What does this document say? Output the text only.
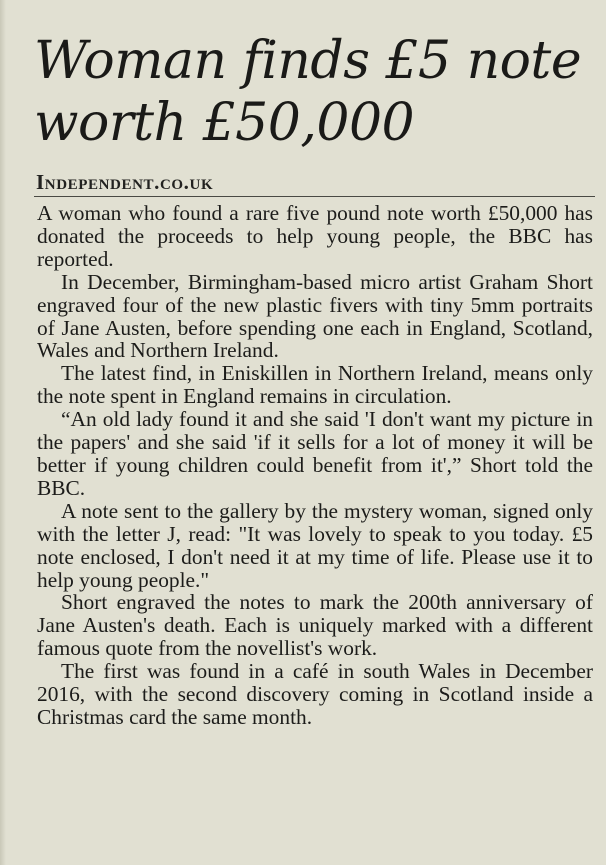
Woman finds £5 note worth £50,000
Independent.co.uk

A woman who found a rare five pound note worth £50,000 has donated the proceeds to help young people, the BBC has reported.

In December, Birmingham-based micro artist Graham Short engraved four of the new plastic fivers with tiny 5mm portraits of Jane Austen, before spending one each in England, Scotland, Wales and Northern Ireland.

The latest find, in Eniskillen in Northern Ireland, means only the note spent in England remains in circulation.

“An old lady found it and she said 'I don't want my picture in the papers' and she said 'if it sells for a lot of money it will be better if young children could benefit from it',” Short told the BBC.

A note sent to the gallery by the mystery woman, signed only with the letter J, read: "It was lovely to speak to you today. £5 note enclosed, I don't need it at my time of life. Please use it to help young people."

Short engraved the notes to mark the 200th anniversary of Jane Austen's death. Each is uniquely marked with a different famous quote from the novellist's work.

The first was found in a café in south Wales in December 2016, with the second discovery coming in Scotland inside a Christmas card the same month.
